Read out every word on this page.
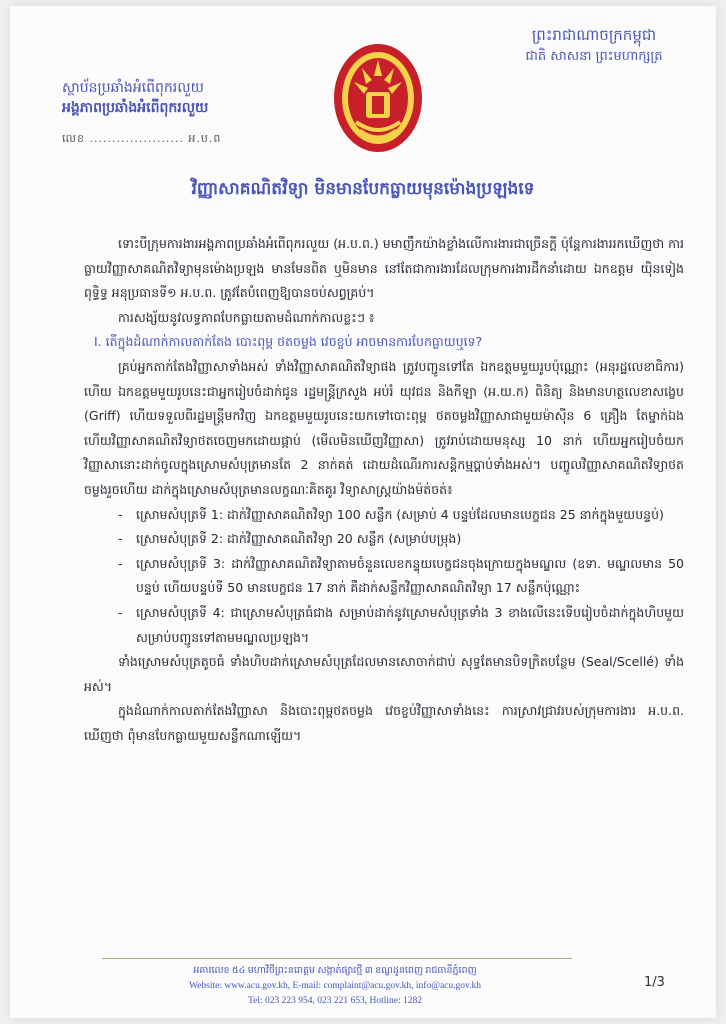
ស្ថាប័នប្រឆាំងអំពើពុករលួយ
អង្គភាពប្រឆាំងអំពើពុករលួយ
លេខ ..................... អ.ប.ព
ព្រះរាជាណាចក្រកម្ពុជា
ជាតិ សាសនា ព្រះមហាក្សត្រ
វិញ្ញាសាគណិតវិទ្យា មិនមានបែកធ្លាយមុនម៉ោងប្រឡងទេ

ទោះបីក្រុមការងារអង្គភាពប្រឆាំងអំពើពុករលួយ (អ.ប.ព.) មមាញឹកយ៉ាងខ្លាំងលើការងារជាច្រើនក្ដី ប៉ុន្តែការងាររកឃើញថា ការធ្លាយវិញ្ញាសាគណិតវិទ្យាមុនម៉ោងប្រឡង មានមែនពិត ឬមិនមាន នៅតែជាការងារដែលក្រុមការងារដឹកនាំដោយ ឯកឧត្តម យ៉ិនទៀង ពុទ្ធិទ្ធ អនុប្រធានទី១ អ.ប.ព. ត្រូវតែបំពេញឱ្យបានចប់សព្វគ្រប់។

ការសង្ស័យនូវលទ្ធភាពបែកធ្លាយតាមដំណាក់កាលខ្លះៗ ៖

I. តើក្នុងដំណាក់កាលតាក់តែង បោះពុម្ព ថតចម្លង វេចខ្ចប់ អាចមានការបែកធ្លាយឬទេ?

គ្រប់អ្នកតាក់តែងវិញ្ញាសាទាំងអស់ ទាំងវិញ្ញាសាគណិតវិទ្យាផង ត្រូវបញ្ជូនទៅតែ ឯកឧត្តមមួយរូបប៉ុណ្ណោះ (អនុរដ្ឋលេខាធិការ) ហើយ ឯកឧត្តមមួយរូបនេះជាអ្នករៀបចំដាក់ជូន រដ្ឋមន្ត្រីក្រសួង អប់រំ យុវជន និងកីឡា (អ.យ.ក) ពិនិត្យ និងមានហត្ថលេខាសង្ខេប (Griff) ហើយទទួលពីរដ្ឋមន្ត្រីមកវិញ ឯកឧត្តមមួយរូបនេះយកទៅបោះពុម្ព ថតចម្លងវិញ្ញាសាជាមួយម៉ាស៊ីន 6 គ្រឿង តែម្នាក់ឯង ហើយវិញ្ញាសាគណិតវិទ្យាថតចេញមកដោយផ្កាប់ (មើលមិនឃើញវិញ្ញាសា) ត្រូវរាប់ដោយមនុស្ស 10 នាក់ ហើយអ្នករៀបចំយកវិញ្ញាសានោះដាក់ចូលក្នុងស្រោមសំបុត្រមានតែ 2 នាក់គត់ ដោយដំណើរការសន្តិកម្មប្ដាប់ទាំងអស់។ បញ្ចូលវិញ្ញាសាគណិតវិទ្យាថតចម្លងរួចហើយ ដាក់ក្នុងស្រោមសំបុត្រមានលក្ខណៈគិតគូរ វិទ្យាសាស្ត្រយ៉ាងម៉ត់ចត់៖

- ស្រោមសំបុត្រទី 1: ដាក់វិញ្ញាសាគណិតវិទ្យា 100 សន្លឹក (សម្រាប់ 4 បន្ទប់ដែលមានបេក្ខជន 25 នាក់ក្នុងមួយបន្ទប់)
- ស្រោមសំបុត្រទី 2: ដាក់វិញ្ញាសាគណិតវិទ្យា 20 សន្លឹក (សម្រាប់បម្រុង)
- ស្រោមសំបុត្រទី 3: ដាក់វិញ្ញាសាគណិតវិទ្យាតាមចំនួនលេខកន្ទុយបេក្ខជនចុងក្រោយក្នុងមណ្ឌល (ឧទា. មណ្ឌលមាន 50 បន្ទប់ ហើយបន្ទប់ទី 50 មានបេក្ខជន 17 នាក់ គឺដាក់សន្លឹកវិញ្ញាសាគណិតវិទ្យា 17 សន្លឹកប៉ុណ្ណោះ
- ស្រោមសំបុត្រទី 4: ជាស្រោមសំបុត្រធំជាង សម្រាប់ដាក់នូវស្រោមសំបុត្រទាំង 3 ខាងលើនេះទើបរៀបចំដាក់ក្នុងហិបមួយ សម្រាប់បញ្ជូនទៅតាមមណ្ឌលប្រឡង។

ទាំងស្រោមសំបុត្រតូចធំ ទាំងហិបដាក់ស្រោមសំបុត្រដែលមានសោចាក់ជាប់ សុទ្ធតែមានបិទក្រិតបន្ថែម (Seal/Scellé) ទាំងអស់។

ក្នុងដំណាក់កាលតាក់តែងវិញ្ញាសា និងបោះពុម្ពថតចម្លង វេចខ្ចប់វិញ្ញាសាទាំងនេះ ការស្រាវជ្រាវរបស់ក្រុមការងារ អ.ប.ព. ឃើញថា ពុំមានបែកធ្លាយមួយសន្លឹកណាឡើយ។

អគារលេខ ៥៤ មហាវិថីព្រះនរោត្តម សង្កាត់ផ្សារថ្មី ៣ ខណ្ឌដូនពេញ រាជធានីភ្នំពេញ
Website: www.acu.gov.kh, E-mail: complaint@acu.gov.kh, info@acu.gov.kh
Tel: 023 223 954, 023 221 653, Hotline: 1282
1/3
